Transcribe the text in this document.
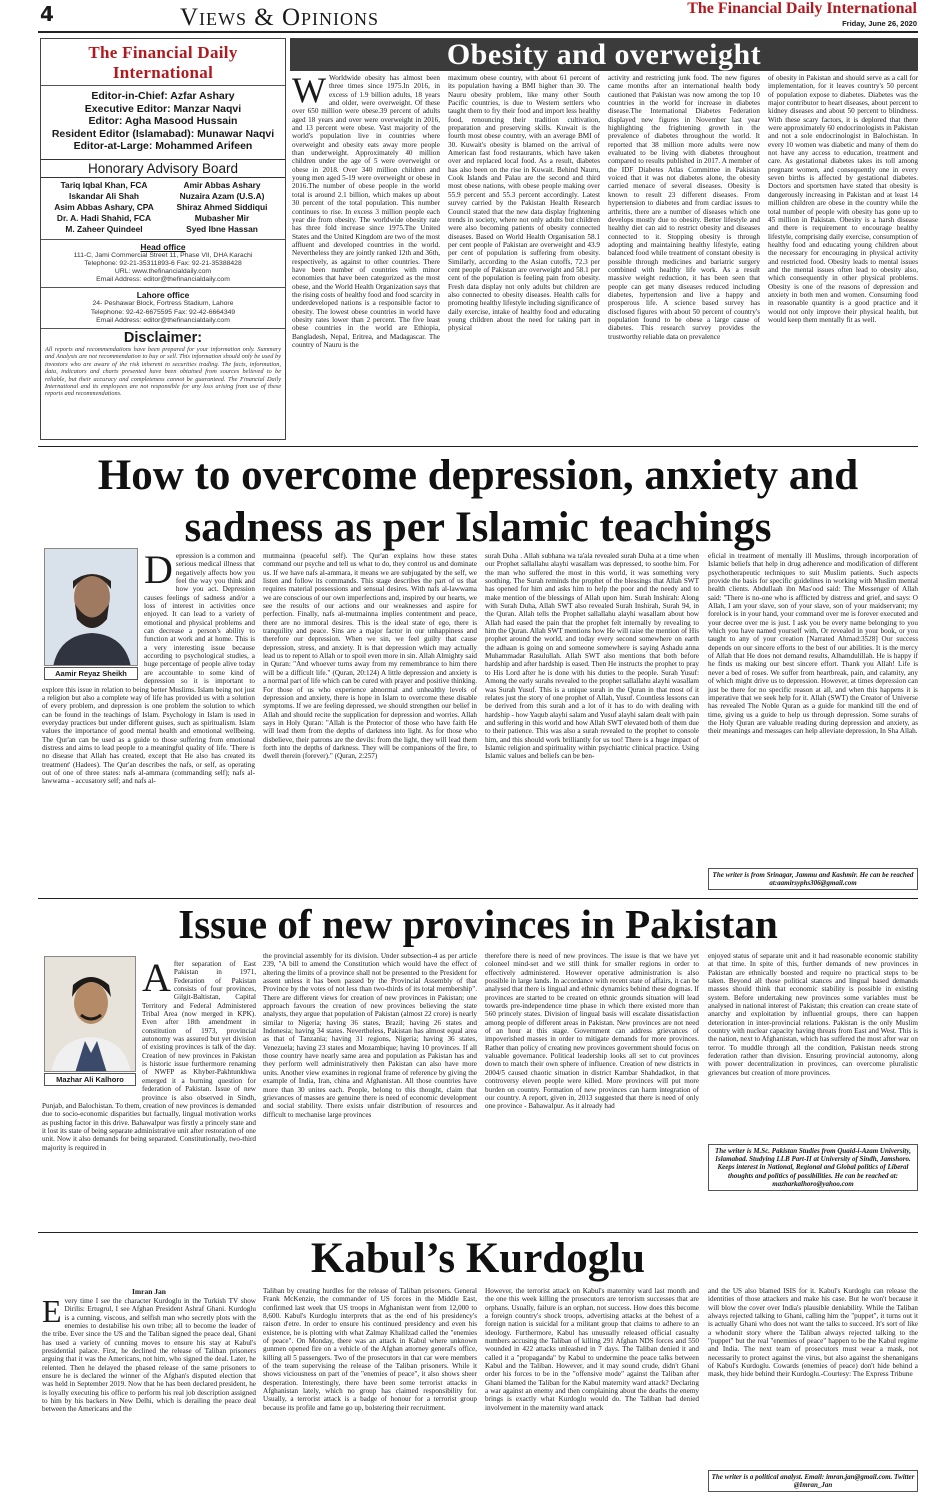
4	Views & Opinions	The Financial Daily International
Friday, June 26, 2020
The Financial Daily International
Editor-in-Chief: Azfar Ashary
Executive Editor: Manzar Naqvi
Editor: Agha Masood Hussain
Resident Editor (Islamabad): Munawar Naqvi
Editor-at-Large: Mohammed Arifeen
Honorary Advisory Board
Tariq Iqbal Khan, FCA	Amir Abbas Ashary
Iskandar Ali Shah	Nuzaira Azam (U.S.A)
Asim Abbas Ashary, CPA	Shiraz Ahmed Siddiqui
Dr. A. Hadi Shahid, FCA	Mubasher Mir
M. Zaheer Quindeel	Syed Ibne Hassan
Head office
111-C, Jami Commercial Street 11, Phase VII, DHA Karachi
Telephone: 92-21-35311893-6 Fax: 92-21-35388428
URL: www.thefinancialdaily.com
Email Address: editor@thefinancialdaily.com
Lahore office
24- Peshawar Block, Fortress Stadium, Lahore
Telephone: 92-42-6675595 Fax: 92-42-6664349
Email Address: editor@thefinancialdaily.com
Disclaimer:
All reports and recommendations have been prepared for your information only. Summary and Analysis are not recommendation to buy or sell. This information should only be used by investors who are aware of the risk inherent in securities trading. The facts, information, data, indicators and charts presented have been obtained from sources believed to be reliable, but their accuracy and completeness cannot be guaranteed. The Financial Daily International and its employees are not responsible for any loss arising from use of these reports and recommendations.
Obesity and overweight
W Worldwide obesity has almost been three times since 1975.In 2016, in excess of 1.9 billion adults, 18 years and older, were overweight. Of these over 650 million were obese.39 percent of adults aged 18 years and over were overweight in 2016, and 13 percent were obese. Vast majority of the world's population live in countries where overweight and obesity eats away more people than underweight. Approximately 40 million children under the age of 5 were overweight or obese in 2018. Over 340 million children and young men aged 5-19 were overweight or obese in 2016.The number of obese people in the world total is around 2.1 billion, which makes up about 30 percent of the total population. This number continues to rise. In excess 3 million people each year die from obesity. The worldwide obesity rate has three fold increase since 1975.The United States and the United Kingdom are two of the most affluent and developed countries in the world. Nevertheless they are jointly ranked 12th and 36th, respectively, as against to other countries. There have been number of countries with minor economies that have been categorized as the most obese, and the World Health Organization says that the rising costs of healthy food and food scarcity in underdeveloped nations is a responsible factor to obesity. The lowest obese countries in world have obesity rates lower than 2 percent. The five least obese countries in the world are Ethiopia, Bangladesh, Nepal, Eritrea, and Madagascar. The country of Nauru is the
maximum obese country, with about 61 percent of its population having a BMI higher than 30. The Nauru obesity problem, like many other South Pacific countries, is due to Western settlers who taught them to fry their food and import less healthy food, renouncing their tradition cultivation, preparation and preserving skills. Kuwait is the fourth most obese country, with an average BMI of 30. Kuwait's obesity is blamed on the arrival of American fast food restaurants, which have taken over and replaced local food. As a result, diabetes has also been on the rise in Kuwait. Behind Nauru, Cook Islands and Palau are the second and third most obese nations, with obese people making over 55.9 percent and 55.3 percent accordingly. Latest survey carried by the Pakistan Health Research Council stated that the new data display frightening trends in society, where not only adults but children were also becoming patients of obesity connected diseases. Based on World Health Organisation 58.1 per cent people of Pakistan are overweight and 43.9 per cent of population is suffering from obesity. Similarly, according to the Asian cutoffs, 72.3 per cent people of Pakistan are overweight and 58.1 per cent of the population is feeling pain from obesity. Fresh data display not only adults but children are also connected to obesity diseases. Health calls for promoting healthy lifestyle including significance of daily exercise, intake of healthy food and educating young children about the need for taking part in physical
activity and restricting junk food. The new figures came months after an international health body cautioned that Pakistan was now among the top 10 countries in the world for increase in diabetes disease.The International Diabetes Federation displayed new figures in November last year highlighting the frightening growth in the prevalence of diabetes throughout the world. It reported that 38 million more adults were now evaluated to be living with diabetes throughout compared to results published in 2017. A member of the IDF Diabetes Atlas Committee in Pakistan voiced that it was not diabetes alone, the obesity carried menace of several diseases. Obesity is known to result 23 different diseases. From hypertension to diabetes and from cardiac issues to arthritis, there are a number of diseases which one develops mostly due to obesity. Better lifestyle and healthy diet can aid to restrict obesity and diseases connected to it. Stopping obesity is through adopting and maintaining healthy lifestyle, eating balanced food while treatment of constant obesity is possible through medicines and bariatric surgery combined with healthy life work. As a result massive weight reduction, it has been seen that people can get many diseases reduced including diabetes, hypertension and live a happy and prosperous life. A science based survey has disclosed figures with about 50 percent of country's population found to be obese a large cause of diabetes. This research survey provides the trustworthy reliable data on prevalence
of obesity in Pakistan and should serve as a call for implementation, for it leaves country's 50 percent of population expose to diabetes. Diabetes was the major contributor to heart diseases, about percent to kidney diseases and about 50 percent to blindness. With these scary factors, it is deplored that there were approximately 60 endocrinologists in Pakistan and not a sole endocrinologist in Balochistan. In every 10 women was diabetic and many of them do not have any access to education, treatment and care. As gestational diabetes takes its toll among pregnant women, and consequently one in every seven births is affected by gestational diabetes. Doctors and sportsmen have stated that obesity is dangerously increasing in Pakistan and at least 14 million children are obese in the country while the total number of people with obesity has gone up to 45 million in Pakistan. Obesity is a harsh disease and there is requirement to encourage healthy lifestyle, comprising daily exercise, consumption of healthy food and educating young children about the necessary for encouraging in physical activity and restricted food. Obesity leads to mental issues and the mental issues often lead to obesity also, which consequently in other physical problems. Obesity is one of the reasons of depression and anxiety in both men and women. Consuming food in reasonable quantity is a good practice and it would not only improve their physical health, but would keep them mentally fit as well.
How to overcome depression, anxiety and sadness as per Islamic teachings
Aamir Reyaz Sheikh
Depression is a common and serious medical illness that negatively affects how you feel the way you think and how you act. Depression causes feelings of sadness and/or a loss of interest in activities once enjoyed. It can lead to a variety of emotional and physical problems and can decrease a person's ability to function at work and at home. This is a very interesting issue because according to psychological studies, a huge percentage of people alive today are accountable to some kind of depression so it is important to explore this issue in relation to being better Muslims. Islam being not just a religion but also a complete way of life has provided us with a solution of every problem, and depression is one problem the solution to which can be found in the teachings of Islam. Psychology in Islam is used in everyday practices but under different guises, such as spiritualism. Islam values the importance of good mental health and emotional wellbeing. The Qur'an can be used as a guide to those suffering from emotional distress and aims to lead people to a meaningful quality of life. 'There is no disease that Allah has created, except that He also has created its treatment' (Hadees). The Qur'an describes the nafs, or self, as operating out of one of three states: nafs al-ammara (commanding self); nafs al-lawwama - accusatory self; and nafs al-
mutmainna (peaceful self). The Qur'an explains how these states command our psyche and tell us what to do, they control us and dominate us. If we have nafs al-ammara, it means we are subjugated by the self, we listen and follow its commands. This stage describes the part of us that requires material possessions and sensual desires. With nafs al-lawwama we are conscious of our own imperfections and, inspired by our hearts, we see the results of our actions and our weaknesses and aspire for perfection. Finally, nafs al-mutmainna implies contentment and peace, there are no immoral desires. This is the ideal state of ego, there is tranquility and peace. Sins are a major factor in our unhappiness and therefore our depression. When we sin, we feel guilty that cause depression, stress, and anxiety. It is that depression which may actually lead us to repent to Allah or to spoil even more in sin. Allah Almighty said in Quran: "And whoever turns away from my remembrance to him there will be a difficult life." (Quran, 20:124) A little depression and anxiety is a normal part of life which can be cured with prayer and positive thinking. For those of us who experience abnormal and unhealthy levels of depression and anxiety, there is hope in Islam to overcome these disable symptoms. If we are feeling depressed, we should strengthen our belief in Allah and should recite the supplication for depression and worries. Allah says in Holy Quran: "Allah is the Protector of those who have faith He will lead them from the depths of darkness into light. As for those who disbelieve, their patrons are the devils: from the light, they will lead them forth into the depths of darkness. They will be companions of the fire, to dwell therein (forever)." (Quran, 2:257)
surah Duha . Allah subhana wa ta'ala revealed surah Duha at a time when our Prophet sallallahu alayhi wasallam was depressed, to soothe him. For the man who suffered the most in this world, it was something very soothing. The Surah reminds the prophet of the blessings that Allah SWT has opened for him and asks him to help the poor and the needy and to make mention of the blessings of Allah upon him. Surah Inshirah: Along with Surah Duha, Allah SWT also revealed Surah Inshirah, Surah 94, in the Quran. Allah tells the Prophet sallallahu alayhi wasallam about how Allah had eased the pain that the prophet felt internally by revealing to him the Quran. Allah SWT mentions how He will raise the mention of His prophet around the world, and today every second somewhere on earth the adhaan is going on and someone somewhere is saying Ashadu anna Muhammadar Rasulullah. Allah SWT also mentions that both before hardship and after hardship is eased. Then He instructs the prophet to pray to His Lord after he is done with his duties to the people. Surah Yusuf: Among the early surahs revealed to the prophet sallallahu alayhi wasallam was Surah Yusuf. This is a unique surah in the Quran in that most of it relates just the story of one prophet of Allah, Yusuf. Countless lessons can be derived from this surah and a lot of it has to do with dealing with hardship - how Yaqub alayhi salam and Yusuf alayhi salam dealt with pain and suffering in this world and how Allah SWT elevated both of them due to their patience. This was also a surah revealed to the prophet to console him, and this should work brilliantly for us too! There is a huge impact of Islamic religion and spirituality within psychiatric clinical practice. Using Islamic values and beliefs can be ben-
eficial in treatment of mentally ill Muslims, through incorporation of Islamic beliefs that help in drug adherence and modification of different psychotherapeutic techniques to suit Muslim patients. Such aspects provide the basis for specific guidelines in working with Muslim mental health clients. Abdullaah ibn Mas'ood said: The Messenger of Allah said: "There is no-one who is afflicted by distress and grief, and says: O Allah, I am your slave, son of your slave, son of your maidservant; my forelock is in your hand, your command over me is forever executed and your decree over me is just. I ask you be every name belonging to you which you have named yourself with, Or revealed in your book, or you taught to any of your creation [Narrated Ahmad:3528] Our success depends on our sincere efforts to the best of our abilities. It is the mercy of Allah that He does not demand results, Alhamdulillah. He is happy if he finds us making our best sincere effort. Thank you Allah! Life is never a bed of roses. We suffer from heartbreak, pain, and calamity, any of which might drive us to depression. However, at times depression can just be there for no specific reason at all, and when this happens it is imperative that we seek help for it. Allah (SWT) the Creator of Universe has revealed The Noble Quran as a guide for mankind till the end of time, giving us a guide to help us through depression. Some surahs of the Holy Quran are valuable reading during depression and anxiety, as their meanings and messages can help alleviate depression, In Sha Allah.
The writer is from Srinagar, Jammu and Kashmir. He can be reached at:aamirsyphs306@gmail.com
Issue of new provinces in Pakistan
Mazhar Ali Kalhoro
After separation of East Pakistan in 1971, Federation of Pakistan consists of four provinces, Gilgit-Baltistan, Capital Territory and Federal Administered Tribal Area (now merged in KPK). Even after 18th amendment in constitution of 1973, provincial autonomy was assured but yet division of existing provinces is talk of the day. Creation of new provinces in Pakistan is historic issue furthermore renaming of NWFP as Khyber-Pakhtunkhwa emerged it a burning question for federation of Pakistan. Issue of new province is also observed in Sindh, Punjab, and Balochistan. To them, creation of new provinces is demanded due to socio-economic disparities but factually, lingual motivation works as pushing factor in this drive. Bahawalpur was firstly a princely state and it lost its state of being separate administrative unit after restoration of one unit. Now it also demands for being separated. Constitutionally, two-third majority is required in
the provincial assembly for its division. Under subsection-4 as per article 239, "A bill to amend the Constitution which would have the effect of altering the limits of a province shall not be presented to the President for assent unless it has been passed by the Provincial Assembly of that Province by the votes of not less than two-thirds of its total membership". There are different views for creation of new provinces in Pakistan; one approach favours the creation of new provinces believing the state analysts, they argue that population of Pakistan (almost 22 crore) is nearly similar to Nigeria; having 36 states, Brazil; having 26 states and Indonesia; having 34 states. Nevertheless, Pakistan has almost equal area as that of Tanzania; having 31 regions, Nigeria; having 36 states, Venezuela; having 23 states and Mozambique; having 10 provinces. If all those country have nearly same area and population as Pakistan has and they perform well administratively then Pakistan can also have more units. Another view examines in regional frame of reference by giving the example of India, Iran, china and Afghanistan. All those countries have more than 30 unites each. People, belong to this thought, claim that grievances of masses are genuine there is need of economic development and social stability. There exists unfair distribution of resources and difficult to mechanise large provinces
therefore there is need of new provinces. The issue is that we have yet coloneel mind-set and we still think for smaller regions in order to effectively administered. However operative administration is also possible in large lands. In accordance with recent state of affairs, it can be analysed that there is lingual and ethnic dynamics behind these dogmas. If provinces are started to be created on ethnic grounds situation will lead towards pre-independence time phase in which there existed more than 560 princely states. Division of lingual basis will escalate dissatisfaction among people of different areas in Pakistan. New provinces are not need of an hour at this stage. Government can address grievances of impoverished masses in order to mitigate demands for more provinces. Rather than policy of creating new provinces government should focus on valuable governance. Political leadership looks all set to cut provinces down to match their own sphere of influence. Creation of new districts in 2004/5 caused chaotic situation in district Kambar Shahdadkot, in that controversy eleven people were killed. More provinces will put more burden on country. Formation of new provinces can harm integration of our country. A report, given in, 2013 suggested that there is need of only one province - Bahawalpur. As it already had
enjoyed status of separate unit and it had reasonable economic stability at that time. In spite of this, further demands of new provinces in Pakistan are ethnically boosted and require no practical steps to be taken. Beyond all those political stances and lingual based demands masses should think that economic stability is possible in existing system. Before undertaking new provinces some variables must be analysed in national interest of Pakistan; this creation can create state of anarchy and exploitation by influential groups, there can happen deterioration in inter-provincial relations. Pakistan is the only Muslim country with nuclear capacity having threats from East and West. This is the nation, next to Afghanistan, which has suffered the most after war on terror. To muddle through all the condition, Pakistan needs strong federation rather than division. Ensuring provincial autonomy, along with power decentralization in provinces, can overcome pluralistic grievances but creation of more provinces.
The writer is M.Sc. Pakistan Studies from Quaid-i-Azam University, Islamabad. Studying LLB Part-II at University of Sindh, Jamshoro. Keeps interest in National, Regional and Global politics of Liberal thoughts and politics of possibilities. He can be reached at: mazharkalhoro@yahoo.com
Kabul’s Kurdoglu
Imran Jan
Every time I see the character Kurdoglu in the Turkish TV show Dirilis: Ertugrul, I see Afghan President Ashraf Ghani. Kurdoglu is a cunning, viscous, and selfish man who secretly plots with the enemies to destabilise his own tribe; all to become the leader of the tribe. Ever since the US and the Taliban signed the peace deal, Ghani has used a variety of cunning moves to ensure his stay at Kabul's presidential palace. First, he declined the release of Taliban prisoners arguing that it was the Americans, not him, who signed the deal. Later, he relented. Then he delayed the phased release of the same prisoners to ensure he is declared the winner of the Afghan's disputed election that was held in September 2019. Now that he has been declared president, he is loyally executing his office to perform his real job description assigned to him by his backers in New Delhi, which is derailing the peace deal between the Americans and the
Taliban by creating hurdles for the release of Taliban prisoners. General Frank McKenzie, the commander of US forces in the Middle East, confirmed last week that US troops in Afghanistan went from 12,000 to 8,600. Kabul's Kurdoglu interprets that as the end of his presidency's raison d'etre. In order to ensure his continued presidency and even his existence, he is plotting with what Zalmay Khalilzad called the "enemies of peace". On Monday, there was an attack in Kabul where unknown gunmen opened fire on a vehicle of the Afghan attorney general's office, killing all 5 passengers. Two of the prosecutors in that car were members of the team supervising the release of the Taliban prisoners. While it shows viciousness on part of the "enemies of peace", it also shows sheer desperation. Interestingly, there have been some terrorist attacks in Afghanistan lately, which no group has claimed responsibility for. Usually, a terrorist attack is a badge of honour for a terrorist group because its profile and fame go up, bolstering their recruitment.
However, the terrorist attack on Kabul's maternity ward last month and the one this week killing the prosecutors are terrorism successes that are orphans. Usually, failure is an orphan, not success. How does this become a foreign country's shock troops, advertising attacks at the behest of a foreign nation is suicidal for a militant group that claims to adhere to an ideology. Furthermore, Kabul has unusually released official casualty numbers accusing the Taliban of killing 291 Afghan NDS forces and 550 wounded in 422 attacks unleashed in 7 days. The Taliban denied it and called it a "propaganda" by Kabul to undermine the peace talks between Kabul and the Taliban. However, and it may sound crude, didn't Ghani order his forces to be in the "offensive mode" against the Taliban after Ghani blamed the Taliban for the Kabul maternity ward attack? Declaring a war against an enemy and then complaining about the deaths the enemy brings is exactly what Kurdoglu would do. The Taliban had denied involvement in the maternity ward attack
and the US also blamed ISIS for it. Kabul's Kurdoglu can release the identities of those attackers and make his case. But he won't because it will blow the cover over India's plausible deniability. While the Taliban always rejected talking to Ghani, calling him the "puppet", it turns out it is actually Ghani who does not want the talks to succeed. It's sort of like a whodunit story where the Taliban always rejected talking to the "puppet" but the real "enemies of peace" happen to be the Kabul regime and India. The next team of prosecutors must wear a mask, not necessarily to protect against the virus, but also against the shenanigans of Kabul's Kurdoglu. Cowards (enemies of peace) don't hide behind a mask, they hide behind their Kurdoglu.-Courtesy: The Express Tribune
The writer is a political analyst. Email: imran.jan@gmail.com. Twitter @Imran_Jan
